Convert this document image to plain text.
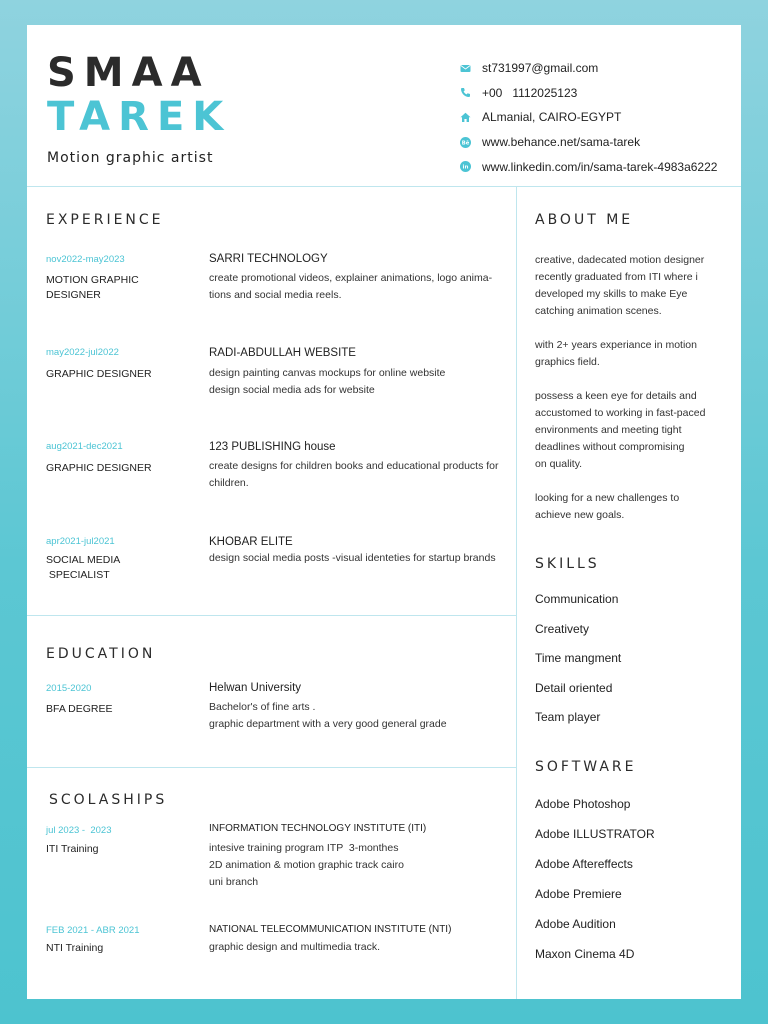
SMAA
TAREK
Motion graphic artist
st731997@gmail.com
+00   1112025123
ALmanial, CAIRO-EGYPT
Bē www.behance.net/sama-tarek
in www.linkedin.com/in/sama-tarek-4983a6222
EXPERIENCE
nov2022-may2023
MOTION GRAPHIC DESIGNER
SARRI TECHNOLOGY
create promotional videos, explainer animations, logo anima-
tions and social media reels.
may2022-jul2022
GRAPHIC DESIGNER
RADI-ABDULLAH WEBSITE
design painting canvas mockups for online website
design social media ads for website
aug2021-dec2021
GRAPHIC DESIGNER
123 PUBLISHING house
create designs for children books and educational products for
children.
apr2021-jul2021
SOCIAL MEDIA
SPECIALIST
KHOBAR ELITE
design social media posts -visual identeties for startup brands
EDUCATION
2015-2020
BFA DEGREE
Helwan University
Bachelor's of fine arts .
graphic department with a very good general grade
SCOLASHIPS
jul 2023 -  2023
ITI Training
INFORMATION TECHNOLOGY INSTITUTE (ITI)
intesive training program ITP  3-monthes
2D animation & motion graphic track cairo
uni branch
FEB 2021 - ABR 2021
NTI Training
NATIONAL TELECOMMUNICATION INSTITUTE (NTI)
graphic design and multimedia track.
ABOUT ME
creative, dadecated motion designer
recently graduated from ITI where i
developed my skills to make Eye
catching animation scenes.
with 2+ years experiance in motion
graphics field.
possess a keen eye for details and
accustomed to working in fast-paced
environments and meeting tight
deadlines without compromising
on quality.
looking for a new challenges to
achieve new goals.
SKILLS
Communication
Creativety
Time mangment
Detail oriented
Team player
SOFTWARE
Adobe Photoshop
Adobe ILLUSTRATOR
Adobe Aftereffects
Adobe Premiere
Adobe Audition
Maxon Cinema 4D
